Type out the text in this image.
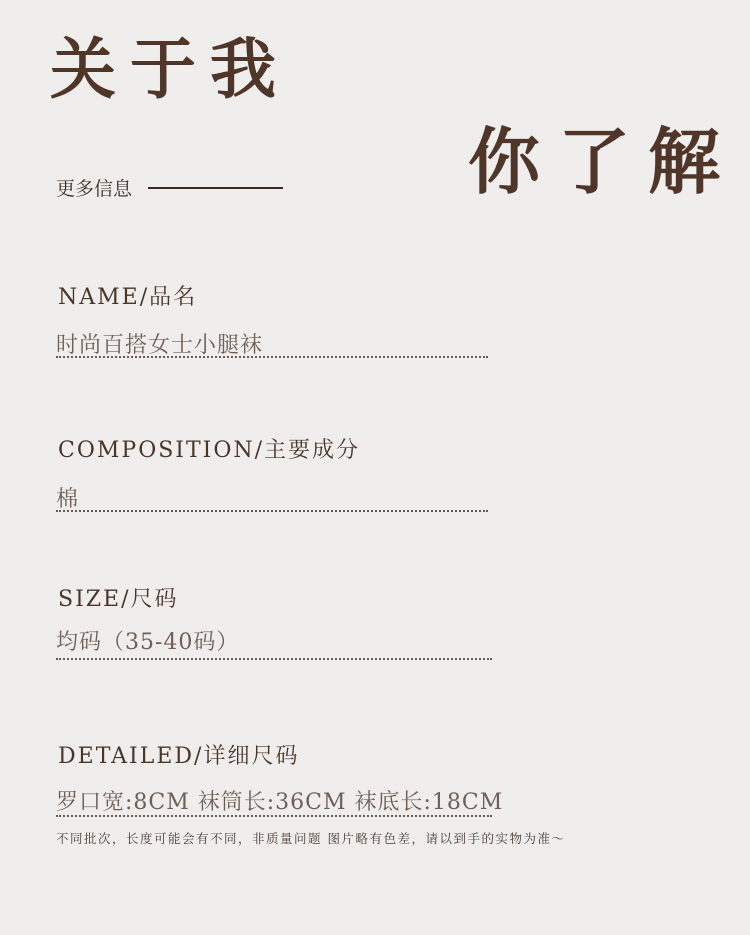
关于我
你了解
更多信息
NAME/品名
时尚百搭女士小腿袜
COMPOSITION/主要成分
棉
SIZE/尺码
均码（35-40码）
DETAILED/详细尺码
罗口宽:8CM 袜筒长:36CM 袜底长:18CM
不同批次，长度可能会有不同，非质量问题 图片略有色差，请以到手的实物为准～
